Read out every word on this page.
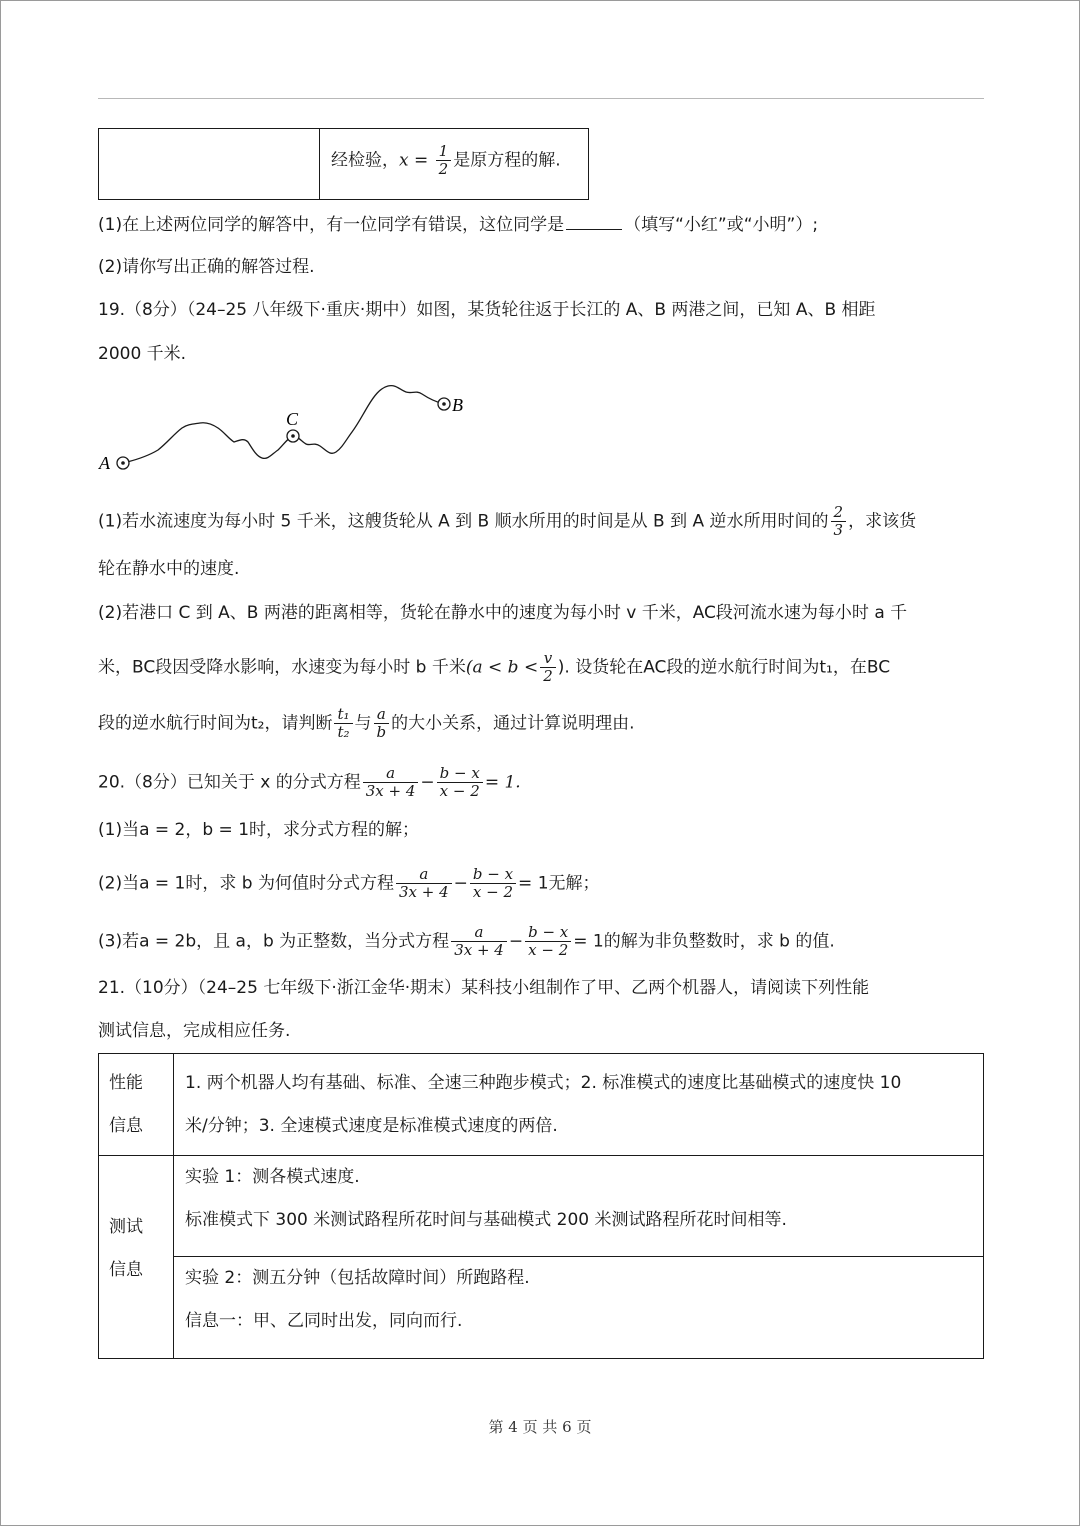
经检验，$x = \frac{1}{2}$ 是原方程的解.
(1)在上述两位同学的解答中，有一位同学有错误，这位同学是	（填写“小红”或“小明”）;
(2)请你写出正确的解答过程.
19.（8分）（24–25 八年级下·重庆·期中）如图，某货轮往返于长江的 A、B 两港之间，已知 A、B 相距
2000 千米.
A
C
B
(1)若水流速度为每小时 5 千米，这艘货轮从 A 到 B 顺水所用的时间是从 B 到 A 逆水所用时间的 $\frac{2}{3}$ ，求该货
轮在静水中的速度.
(2)若港口 C 到 A、B 两港的距离相等，货轮在静水中的速度为每小时 v 千米，AC段河流水速为每小时 a 千
米，BC段因受降水影响，水速变为每小时 b 千米($a < b < \frac{v}{2}$ ). 设货轮在AC段的逆水航行时间为t₁，在BC
段的逆水航行时间为t₂，请判断 $\frac{\text{t₁}}{\text{t₂}}$ 与 $\frac{a}{b}$ 的大小关系，通过计算说明理由.
20.（8分）已知关于 x 的分式方程 $\frac{a}{3x + 4} - \frac{b - x}{x - 2} = 1$.
(1)当a = 2，b = 1时，求分式方程的解；
(2)当a = 1时，求 b 为何值时分式方程 $\frac{a}{3x + 4} - \frac{b - x}{x - 2} = 1$无解；
(3)若a = 2b，且 a，b 为正整数，当分式方程 $\frac{a}{3x + 4} - \frac{b - x}{x - 2} = 1$的解为非负整数时，求 b 的值.
21.（10分）（24–25 七年级下·浙江金华·期末）某科技小组制作了甲、乙两个机器人，请阅读下列性能
测试信息，完成相应任务.
性能
信息
1. 两个机器人均有基础、标准、全速三种跑步模式；2. 标准模式的速度比基础模式的速度快 10
米/分钟；3. 全速模式速度是标准模式速度的两倍.
测试
信息
实验 1：测各模式速度.
标准模式下 300 米测试路程所花时间与基础模式 200 米测试路程所花时间相等.
实验 2：测五分钟（包括故障时间）所跑路程.
信息一：甲、乙同时出发，同向而行.
第 4 页 共 6 页
